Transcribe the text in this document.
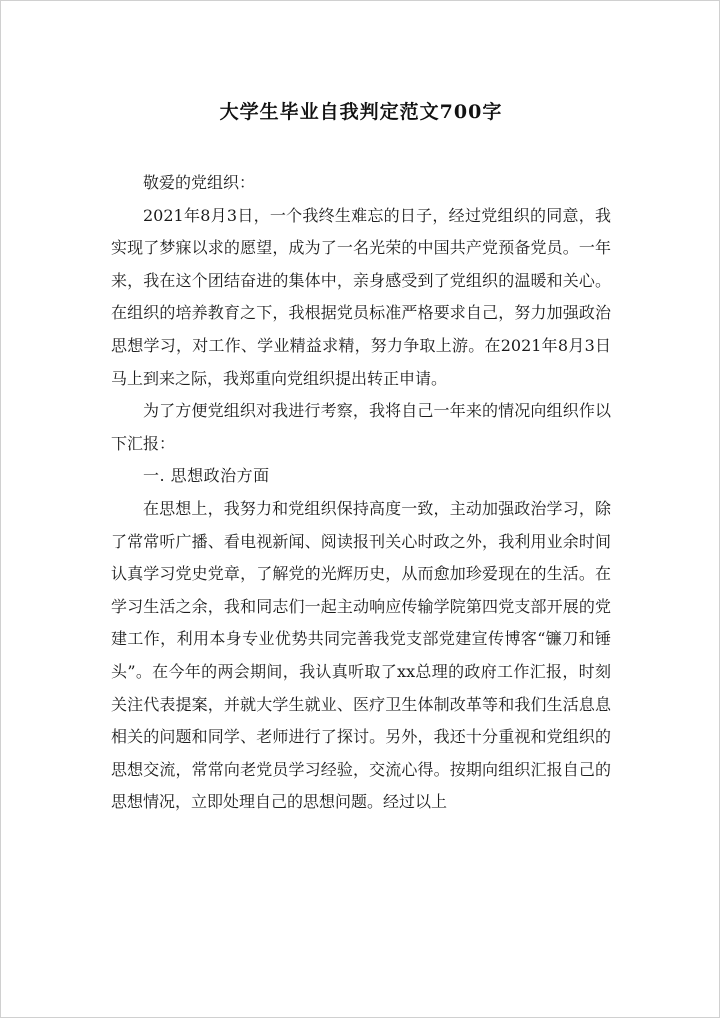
大学生毕业自我判定范文700字

敬爱的党组织：

2021年8月3日，一个我终生难忘的日子，经过党组织的同意，我实现了梦寐以求的愿望，成为了一名光荣的中国共产党预备党员。一年来，我在这个团结奋进的集体中，亲身感受到了党组织的温暖和关心。在组织的培养教育之下，我根据党员标准严格要求自己，努力加强政治思想学习，对工作、学业精益求精，努力争取上游。在2021年8月3日马上到来之际，我郑重向党组织提出转正申请。

为了方便党组织对我进行考察，我将自己一年来的情况向组织作以下汇报：

一. 思想政治方面

在思想上，我努力和党组织保持高度一致，主动加强政治学习，除了常常听广播、看电视新闻、阅读报刊关心时政之外，我利用业余时间认真学习党史党章，了解党的光辉历史，从而愈加珍爱现在的生活。在学习生活之余，我和同志们一起主动响应传输学院第四党支部开展的党建工作，利用本身专业优势共同完善我党支部党建宣传博客“镰刀和锤头”。在今年的两会期间，我认真听取了xx总理的政府工作汇报，时刻关注代表提案，并就大学生就业、医疗卫生体制改革等和我们生活息息相关的问题和同学、老师进行了探讨。另外，我还十分重视和党组织的思想交流，常常向老党员学习经验，交流心得。按期向组织汇报自己的思想情况，立即处理自己的思想问题。经过以上
